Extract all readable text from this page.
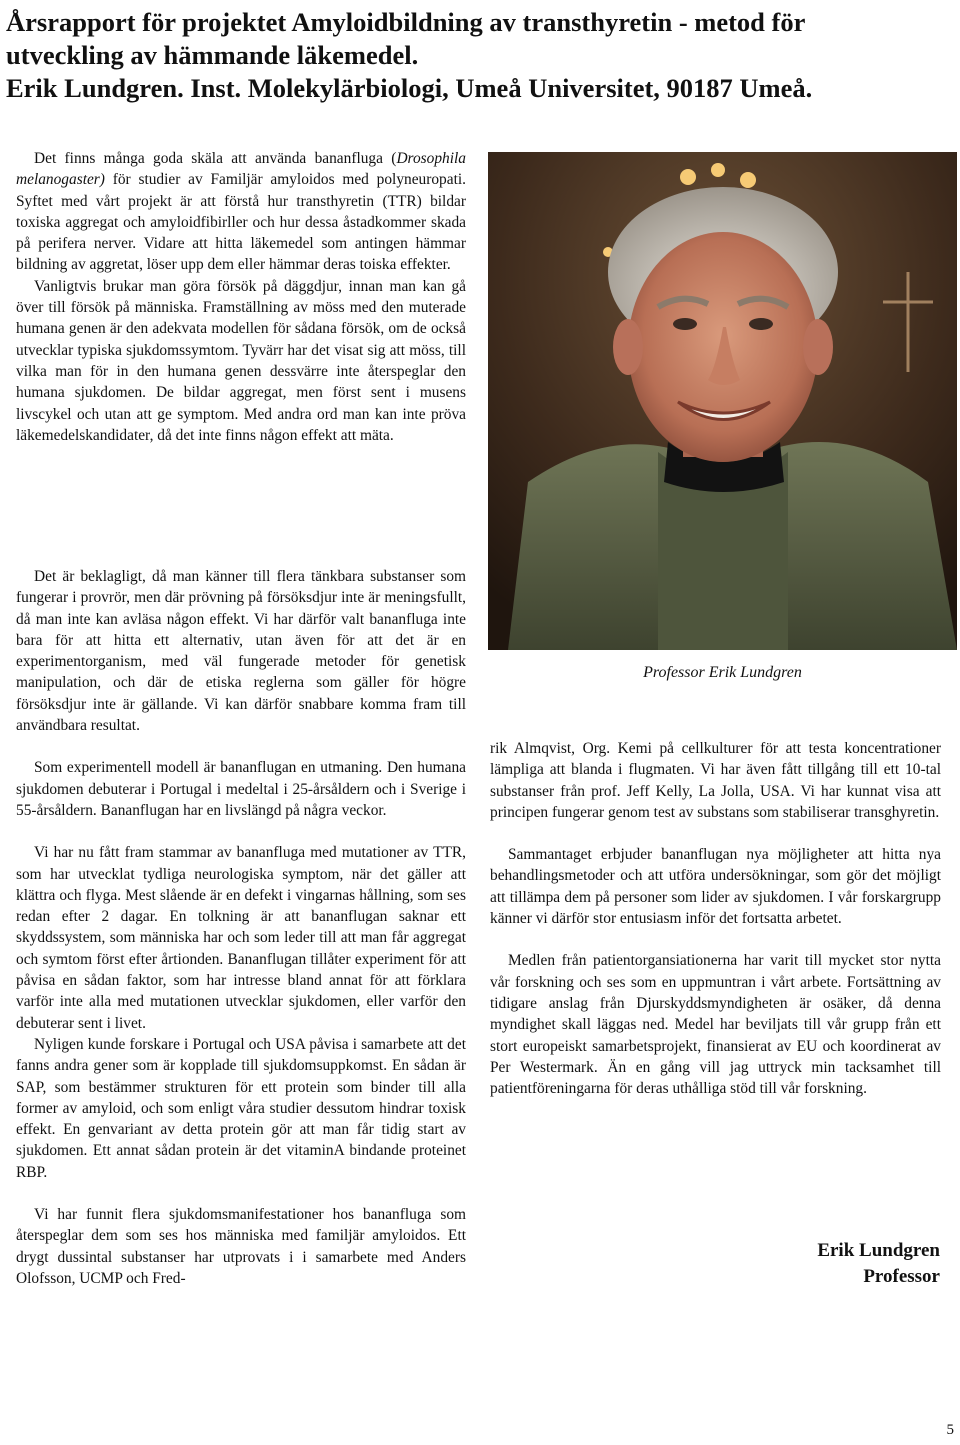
Årsrapport för projektet Amyloidbildning av transthyretin - metod för
utveckling av hämmande läkemedel.
Erik Lundgren. Inst. Molekylärbiologi, Umeå Universitet, 90187 Umeå.

Det finns många goda skäla att använda bananfluga (Drosophila melanogaster) för studier av Familjär amyloidos med polyneuropati. Syftet med vårt projekt är att förstå hur transthyretin (TTR) bildar toxiska aggregat och amyloidfibirller och hur dessa åstadkommer skada på perifera nerver. Vidare att hitta läkemedel som antingen hämmar bildning av aggretat, löser upp dem eller hämmar deras toiska effekter.

Vanligtvis brukar man göra försök på däggdjur, innan man kan gå över till försök på människa. Framställning av möss med den muterade humana genen är den adekvata modellen för sådana försök, om de också utvecklar typiska sjukdomssymtom. Tyvärr har det visat sig att möss, till vilka man för in den humana genen dessvärre inte återspeglar den humana sjukdomen. De bildar aggregat, men först sent i musens livscykel och utan att ge symptom. Med andra ord man kan inte pröva läkemedelskandidater, då det inte finns någon effekt att mäta.

Det är beklagligt, då man känner till flera tänkbara substanser som fungerar i provrör, men där prövning på försöksdjur inte är meningsfullt, då man inte kan avläsa någon effekt. Vi har därför valt bananfluga inte bara för att hitta ett alternativ, utan även för att det är en experimentorganism, med väl fungerade metoder för genetisk manipulation, och där de etiska reglerna som gäller för högre försöksdjur inte är gällande. Vi kan därför snabbare komma fram till användbara resultat.

Som experimentell modell är bananflugan en utmaning. Den humana sjukdomen debuterar i Portugal i medeltal i 25-årsåldern och i Sverige i 55-årsåldern. Bananflugan har en livslängd på några veckor.

Vi har nu fått fram stammar av bananfluga med mutationer av TTR, som har utvecklat tydliga neurologiska symptom, när det gäller att klättra och flyga. Mest slående är en defekt i vingarnas hållning, som ses redan efter 2 dagar. En tolkning är att bananflugan saknar ett skyddssystem, som människa har och som leder till att man får aggregat och symtom först efter årtionden. Bananflugan tillåter experiment för att påvisa en sådan faktor, som har intresse bland annat för att förklara varför inte alla med mutationen utvecklar sjukdomen, eller varför den debuterar sent i livet.

Nyligen kunde forskare i Portugal och USA påvisa i samarbete att det fanns andra gener som är kopplade till sjukdomsuppkomst. En sådan är SAP, som bestämmer strukturen för ett protein som binder till alla former av amyloid, och som enligt våra studier dessutom hindrar toxisk effekt. En genvariant av detta protein gör att man får tidig start av sjukdomen. Ett annat sådan protein är det vitaminA bindande proteinet RBP.

Vi har funnit flera sjukdomsmanifestationer hos bananfluga som återspeglar dem som ses hos människa med familjär amyloidos. Ett drygt dussintal substanser har utprovats i i samarbete med Anders Olofsson, UCMP och Fred-

Professor Erik Lundgren

rik Almqvist, Org. Kemi på cellkulturer för att testa koncentrationer lämpliga att blanda i flugmaten. Vi har även fått tillgång till ett 10-tal substanser från prof. Jeff Kelly, La Jolla, USA. Vi har kunnat visa att principen fungerar genom test av substans som stabiliserar transghyretin.

Sammantaget erbjuder bananflugan nya möjligheter att hitta nya behandlingsmetoder och att utföra undersökningar, som gör det möjligt att tillämpa dem på personer som lider av sjukdomen. I vår forskargrupp känner vi därför stor entusiasm inför det fortsatta arbetet.

Medlen från patientorgansiationerna har varit till mycket stor nytta vår forskning och ses som en uppmuntran i vårt arbete. Fortsättning av tidigare anslag från Djurskyddsmyndigheten är osäker, då denna myndighet skall läggas ned. Medel har beviljats till vår grupp från ett stort europeiskt samarbetsprojekt, finansierat av EU och koordinerat av Per Westermark. Än en gång vill jag uttryck min tacksamhet till patientföreningarna för deras uthålliga stöd till vår forskning.

Erik Lundgren
Professor
5
